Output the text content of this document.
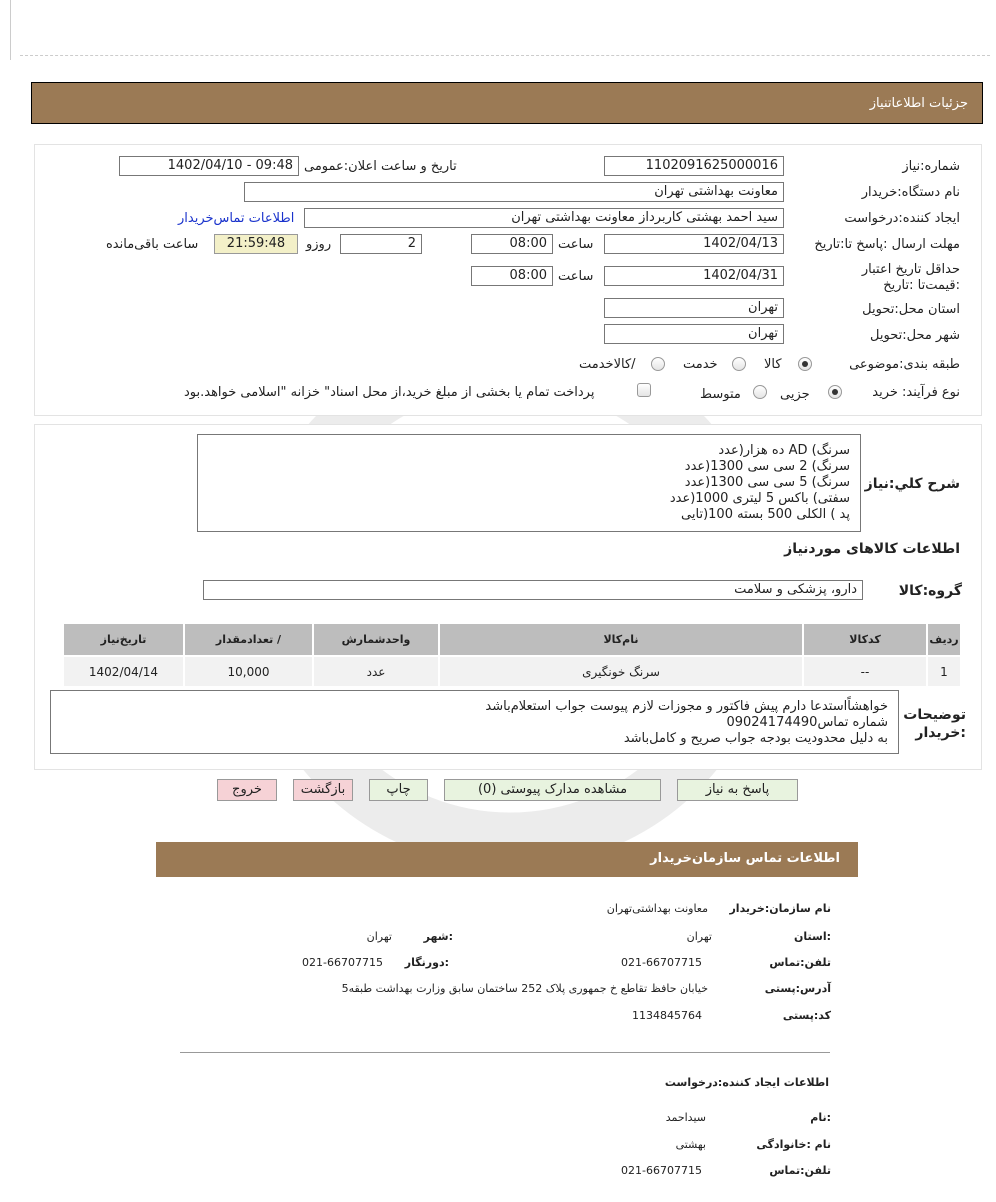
جزئیات اطلاعاتنیاز
شماره:نیاز
1102091625000016
تاریخ و ساعت اعلان:عمومی
1402/04/10 - 09:48
نام دستگاه:خریدار
معاونت بهداشتی تهران
ایجاد کننده:درخواست
سید احمد بهشتی کاربرداز معاونت بهداشتی تهران
اطلاعات تماس‌خریدار
مهلت ارسال :پاسخ تا:تاریخ
1402/04/13
ساعت
08:00
2
روزو
21:59:48
ساعت باقی‌مانده
حداقل تاریخ اعتبار :قیمت‌تا :تاریخ
1402/04/31
ساعت
08:00
استان محل:تحویل
تهران
شهر محل:تحویل
تهران
طبقه بندی:موضوعی
کالا
خدمت
/کالاخدمت
نوع فرآیند: خرید
جزیی
متوسط
پرداخت تمام یا بخشی از مبلغ خرید،از محل اسناد" خزانه "اسلامی خواهد.بود
شرح کلي:نياز
سرنگ) AD ده هزار(عدد
سرنگ) 2 سی سی 1300(عدد
سرنگ) 5 سی سی 1300(عدد
سفتی) باکس 5 لیتری 1000(عدد
پد ) الکلی 500 بسته 100(تایی
اطلاعات کالاهای موردنیاز
گروه:کالا
دارو، پزشکی و سلامت
ردیف	کدکالا	نام‌کالا	واحدشمارش	/ تعدادمقدار	تاریخ‌نیاز
1	--	سرنگ خونگیری	عدد	10,000	1402/04/14
توضیحات :خریدار
خواهشاًاستدعا دارم پیش فاکتور و مجوزات لازم پیوست جواب استعلام‌باشد
شماره تماس09024174490
به دلیل محدودیت بودجه جواب صریح و کامل‌باشد
پاسخ به نیاز
مشاهده مدارک پیوستی (0)
چاپ
بازگشت
خروج
اطلاعات تماس سازمان‌خریدار
نام سازمان:خریدار
معاونت بهداشتی‌تهران
:استان
تهران
:شهر
تهران
تلفن:تماس
021-66707715
:دورنگار
021-66707715
آدرس:پستی
خیابان حافظ تقاطع خ جمهوری پلاک 252 ساختمان سابق وزارت بهداشت طبقه5
کد:پستی
1134845764
اطلاعات ایجاد کننده:درخواست
:نام
سیداحمد
نام :خانوادگی
بهشتی
تلفن:تماس
021-66707715
